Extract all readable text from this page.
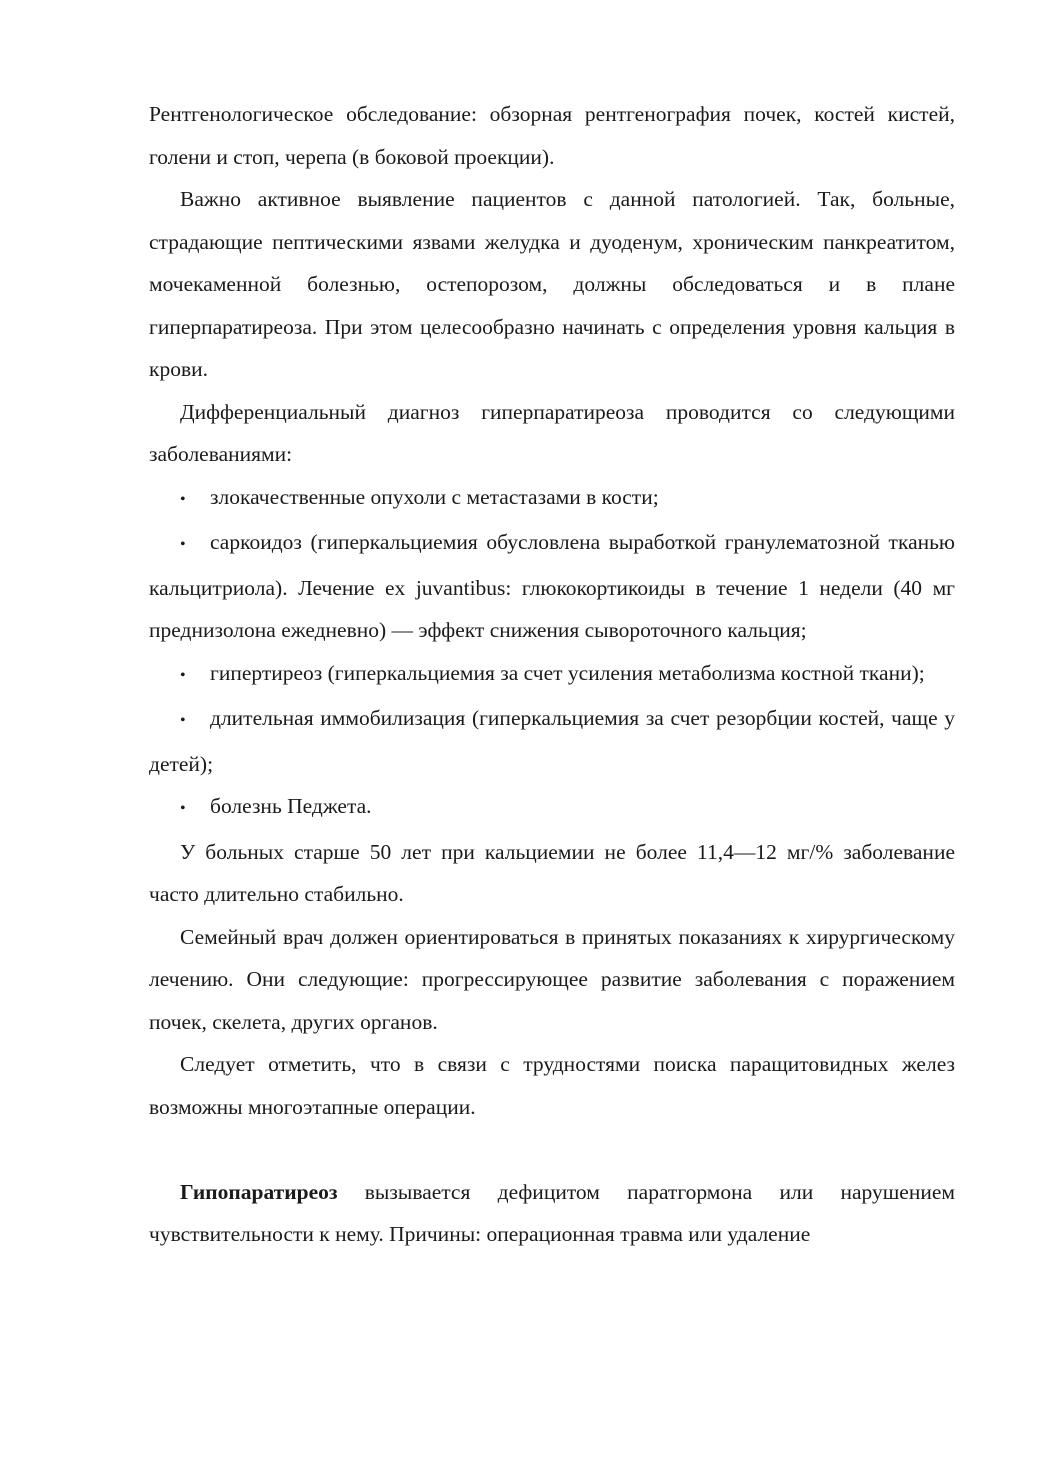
Рентгенологическое обследование: обзорная рентгенография почек, костей кистей, голени и стоп, черепа (в боковой проекции).

Важно активное выявление пациентов с данной патологией. Так, больные, страдающие пептическими язвами желудка и дуоденум, хроническим панкреатитом, мочекаменной болезнью, остепорозом, должны обследоваться и в плане гиперпаратиреоза. При этом целесообразно начинать с определения уровня кальция в крови.

Дифференциальный диагноз гиперпаратиреоза проводится со следующими заболеваниями:

• злокачественные опухоли с метастазами в кости;

• саркоидоз (гиперкальциемия обусловлена выработкой гранулематозной тканью кальцитриола). Лечение ex juvantibus: глюкокортикоиды в течение 1 недели (40 мг преднизолона ежедневно) — эффект снижения сывороточного кальция;

• гипертиреоз (гиперкальциемия за счет усиления метаболизма костной ткани);

• длительная иммобилизация (гиперкальциемия за счет резорбции костей, чаще у детей);

• болезнь Педжета.

У больных старше 50 лет при кальциемии не более 11,4—12 мг/% заболевание часто длительно стабильно.

Семейный врач должен ориентироваться в принятых показаниях к хирургическому лечению. Они следующие: прогрессирующее развитие заболевания с поражением почек, скелета, других органов.

Следует отметить, что в связи с трудностями поиска паращитовидных желез возможны многоэтапные операции.

Гипопаратиреоз вызывается дефицитом паратгормона или нарушением чувствительности к нему. Причины: операционная травма или удаление
